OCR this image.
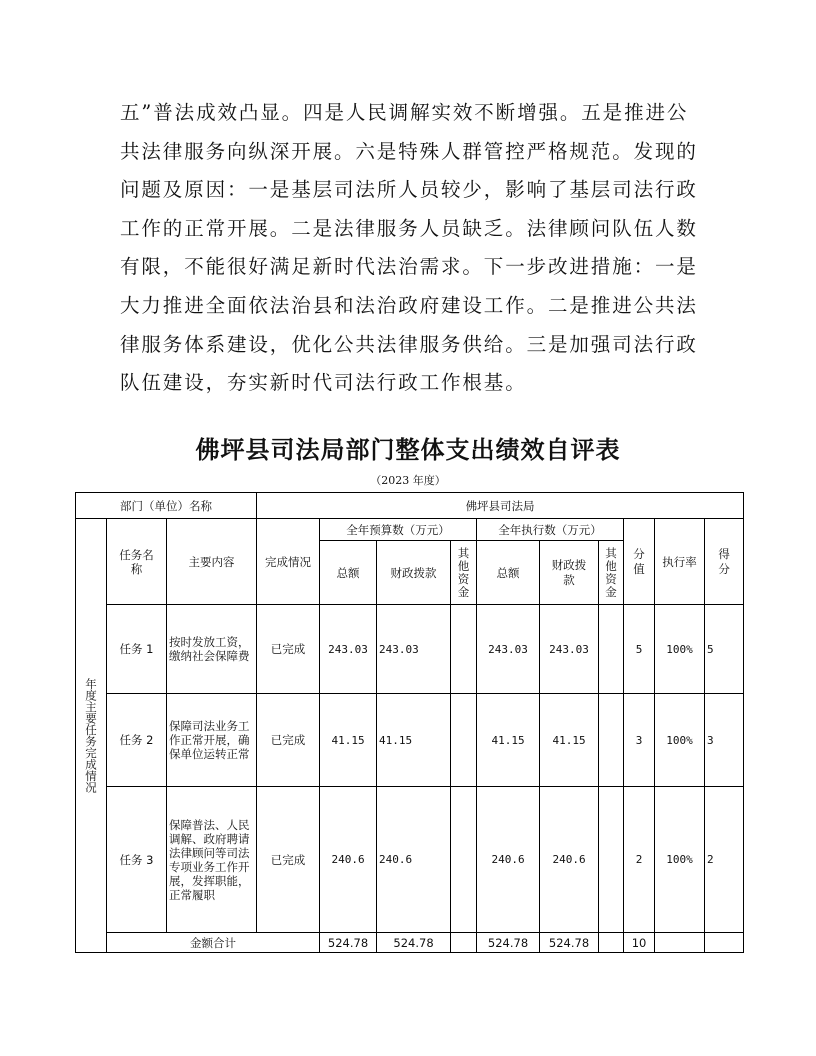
五”普法成效凸显。四是人民调解实效不断增强。五是推进公
共法律服务向纵深开展。六是特殊人群管控严格规范。发现的
问题及原因：一是基层司法所人员较少，影响了基层司法行政
工作的正常开展。二是法律服务人员缺乏。法律顾问队伍人数
有限，不能很好满足新时代法治需求。下一步改进措施：一是
大力推进全面依法治县和法治政府建设工作。二是推进公共法
律服务体系建设，优化公共法律服务供给。三是加强司法行政
队伍建设，夯实新时代司法行政工作根基。
佛坪县司法局部门整体支出绩效自评表

（2023 年度）

部门（单位）名称			佛坪县司法局									

年度主要任务完成情况	任务名称	主要内容	完成情况	全年预算数（万元）			全年执行数（万元）			分值	执行率	得分

				总额	财政拨款	其他资金	总额	财政拨款	其他资金			

	任务 1	按时发放工资，缴纳社会保障费	已完成	243.03	243.03		243.03	243.03		5	100%	5
	任务 2	保障司法业务工作正常开展，确保单位运转正常	已完成	41.15	41.15		41.15	41.15		3	100%	3
	任务 3	保障普法、人民调解、政府聘请法律顾问等司法专项业务工作开展，发挥职能，正常履职	已完成	240.6	240.6		240.6	240.6		2	100%	2
	金额合计			524.78	524.78		524.78	524.78		10		
